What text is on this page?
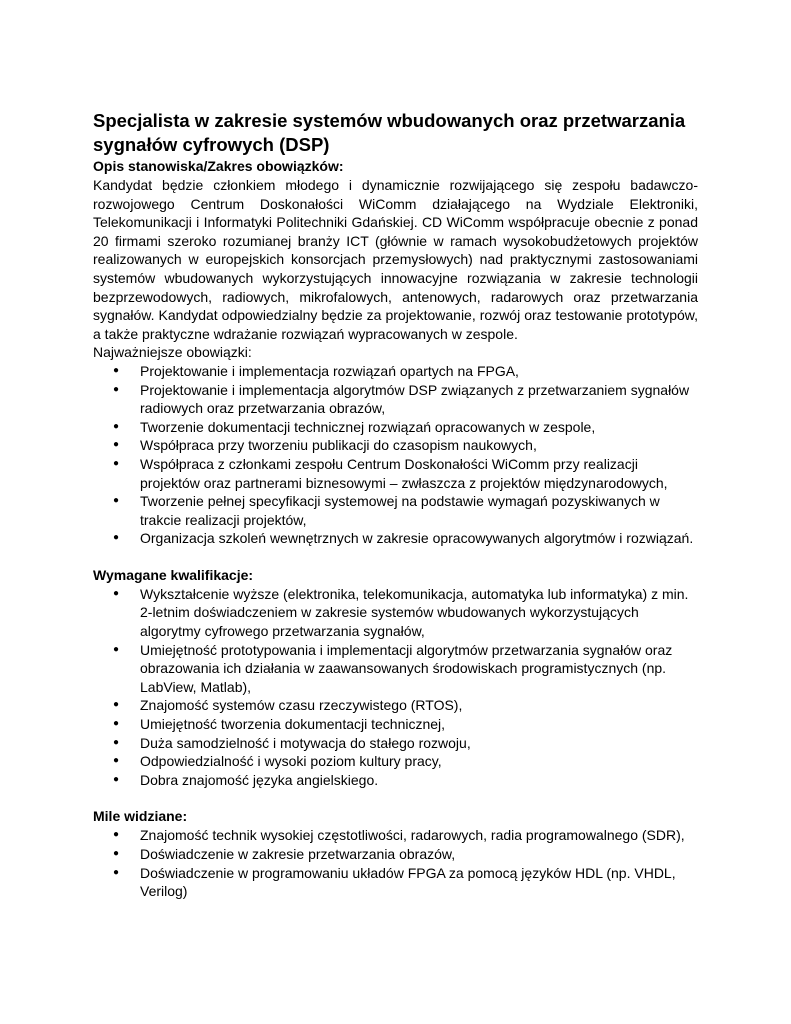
Specjalista w zakresie systemów wbudowanych oraz przetwarzania sygnałów cyfrowych (DSP)

Opis stanowiska/Zakres obowiązków:

Kandydat będzie członkiem młodego i dynamicznie rozwijającego się zespołu badawczo-rozwojowego Centrum Doskonałości WiComm działającego na Wydziale Elektroniki, Telekomunikacji i Informatyki Politechniki Gdańskiej. CD WiComm współpracuje obecnie z ponad 20 firmami szeroko rozumianej branży ICT (głównie w ramach wysokobudżetowych projektów realizowanych w europejskich konsorcjach przemysłowych) nad praktycznymi zastosowaniami systemów wbudowanych wykorzystujących innowacyjne rozwiązania w zakresie technologii bezprzewodowych, radiowych, mikrofalowych, antenowych, radarowych oraz przetwarzania sygnałów. Kandydat odpowiedzialny będzie za projektowanie, rozwój oraz testowanie prototypów, a także praktyczne wdrażanie rozwiązań wypracowanych w zespole.

Najważniejsze obowiązki:

● Projektowanie i implementacja rozwiązań opartych na FPGA,
● Projektowanie i implementacja algorytmów DSP związanych z przetwarzaniem sygnałów radiowych oraz przetwarzania obrazów,
● Tworzenie dokumentacji technicznej rozwiązań opracowanych w zespole,
● Współpraca przy tworzeniu publikacji do czasopism naukowych,
● Współpraca z członkami zespołu Centrum Doskonałości WiComm przy realizacji projektów oraz partnerami biznesowymi – zwłaszcza z projektów międzynarodowych,
● Tworzenie pełnej specyfikacji systemowej na podstawie wymagań pozyskiwanych w trakcie realizacji projektów,
● Organizacja szkoleń wewnętrznych w zakresie opracowywanych algorytmów i rozwiązań.

Wymagane kwalifikacje:

● Wykształcenie wyższe (elektronika, telekomunikacja, automatyka lub informatyka) z min. 2-letnim doświadczeniem w zakresie systemów wbudowanych wykorzystujących algorytmy cyfrowego przetwarzania sygnałów,
● Umiejętność prototypowania i implementacji algorytmów przetwarzania sygnałów oraz obrazowania ich działania w zaawansowanych środowiskach programistycznych (np. LabView, Matlab),
● Znajomość systemów czasu rzeczywistego (RTOS),
● Umiejętność tworzenia dokumentacji technicznej,
● Duża samodzielność i motywacja do stałego rozwoju,
● Odpowiedzialność i wysoki poziom kultury pracy,
● Dobra znajomość języka angielskiego.

Mile widziane:

● Znajomość technik wysokiej częstotliwości, radarowych, radia programowalnego (SDR),
● Doświadczenie w zakresie przetwarzania obrazów,
● Doświadczenie w programowaniu układów FPGA za pomocą języków HDL (np. VHDL, Verilog)
